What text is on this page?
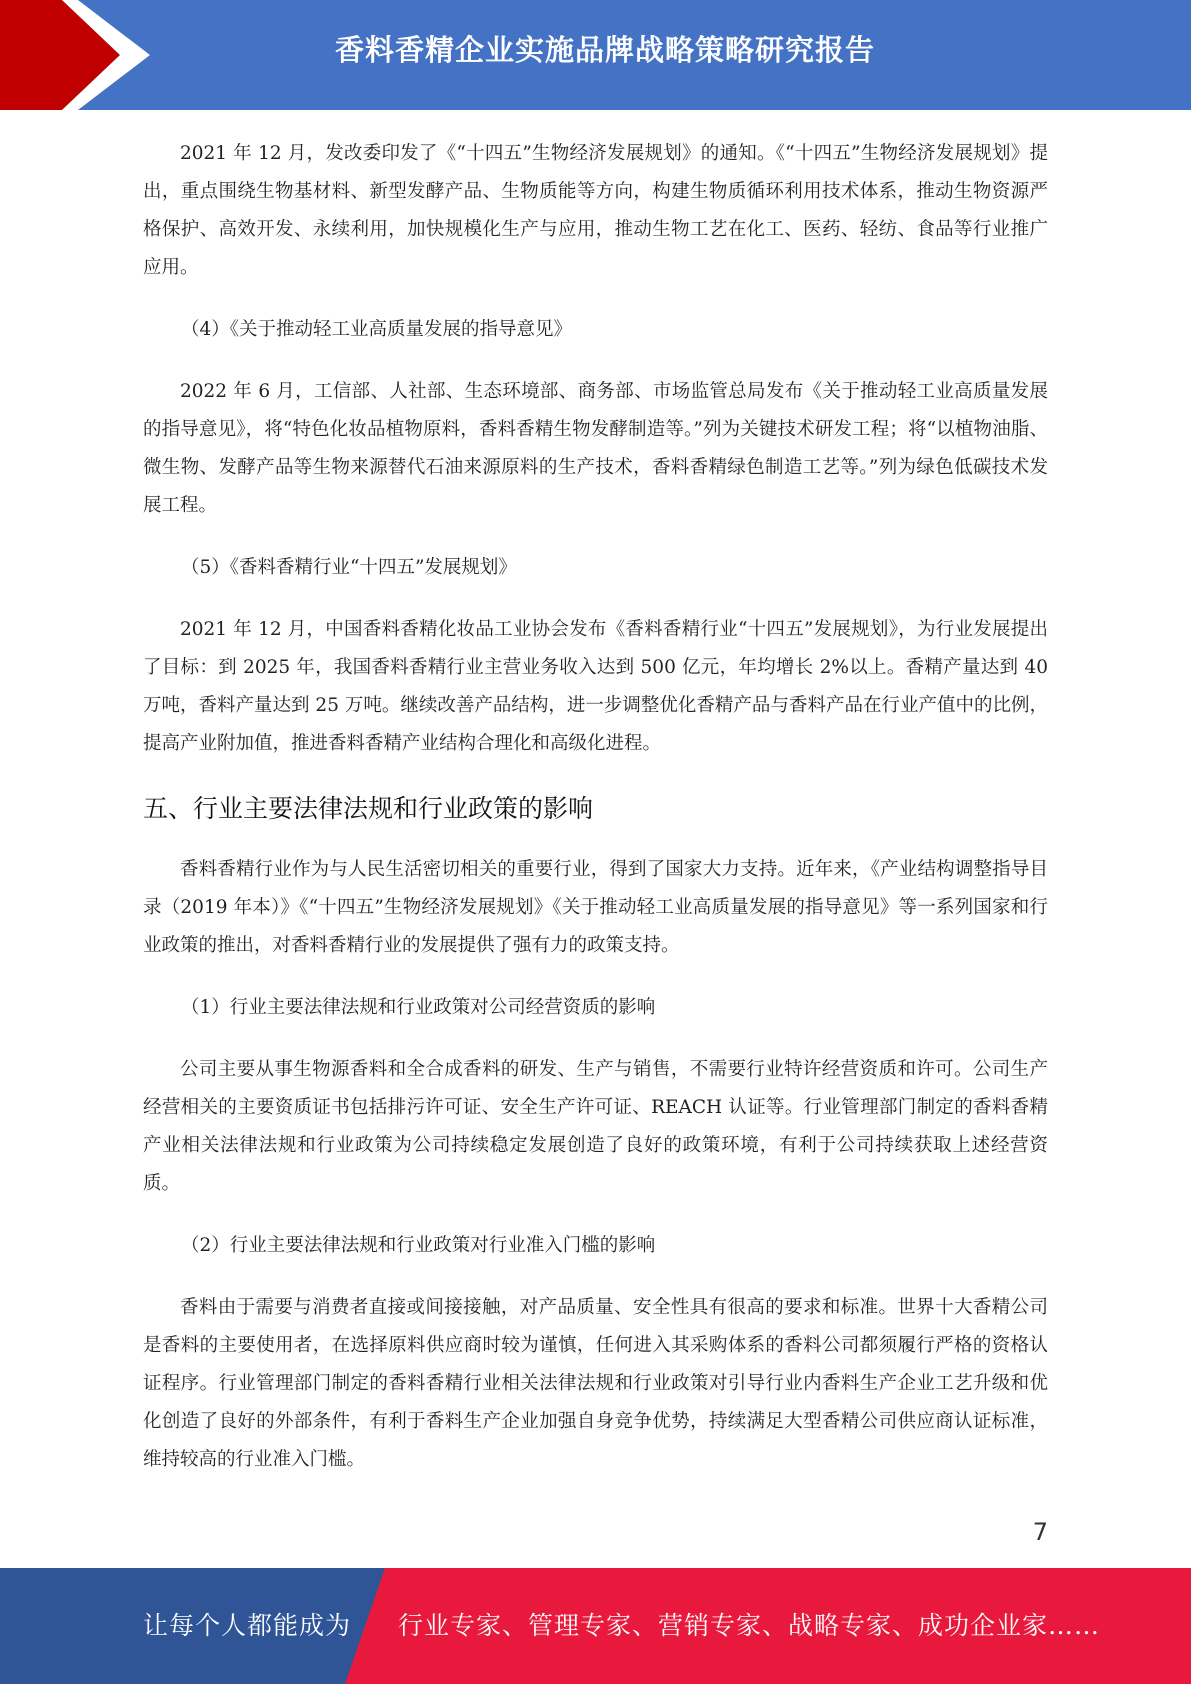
香料香精企业实施品牌战略策略研究报告

2021 年 12 月，发改委印发了《“十四五”生物经济发展规划》的通知。《“十四五”生物经济发展规划》提出，重点围绕生物基材料、新型发酵产品、生物质能等方向，构建生物质循环利用技术体系，推动生物资源严格保护、高效开发、永续利用，加快规模化生产与应用，推动生物工艺在化工、医药、轻纺、食品等行业推广应用。

（4）《关于推动轻工业高质量发展的指导意见》

2022 年 6 月，工信部、人社部、生态环境部、商务部、市场监管总局发布《关于推动轻工业高质量发展的指导意见》，将“特色化妆品植物原料，香料香精生物发酵制造等。”列为关键技术研发工程；将“以植物油脂、微生物、发酵产品等生物来源替代石油来源原料的生产技术，香料香精绿色制造工艺等。”列为绿色低碳技术发展工程。

（5）《香料香精行业“十四五”发展规划》

2021 年 12 月，中国香料香精化妆品工业协会发布《香料香精行业“十四五”发展规划》，为行业发展提出了目标：到 2025 年，我国香料香精行业主营业务收入达到 500 亿元，年均增长 2%以上。香精产量达到 40 万吨，香料产量达到 25 万吨。继续改善产品结构，进一步调整优化香精产品与香料产品在行业产值中的比例，提高产业附加值，推进香料香精产业结构合理化和高级化进程。

五、行业主要法律法规和行业政策的影响

香料香精行业作为与人民生活密切相关的重要行业，得到了国家大力支持。近年来，《产业结构调整指导目录（2019 年本）》《“十四五”生物经济发展规划》《关于推动轻工业高质量发展的指导意见》等一系列国家和行业政策的推出，对香料香精行业的发展提供了强有力的政策支持。

（1）行业主要法律法规和行业政策对公司经营资质的影响

公司主要从事生物源香料和全合成香料的研发、生产与销售，不需要行业特许经营资质和许可。公司生产经营相关的主要资质证书包括排污许可证、安全生产许可证、REACH 认证等。行业管理部门制定的香料香精产业相关法律法规和行业政策为公司持续稳定发展创造了良好的政策环境，有利于公司持续获取上述经营资质。

（2）行业主要法律法规和行业政策对行业准入门槛的影响

香料由于需要与消费者直接或间接接触，对产品质量、安全性具有很高的要求和标准。世界十大香精公司是香料的主要使用者，在选择原料供应商时较为谨慎，任何进入其采购体系的香料公司都须履行严格的资格认证程序。行业管理部门制定的香料香精行业相关法律法规和行业政策对引导行业内香料生产企业工艺升级和优化创造了良好的外部条件，有利于香料生产企业加强自身竞争优势，持续满足大型香精公司供应商认证标准，维持较高的行业准入门槛。

7
让每个人都能成为 行业专家、管理专家、营销专家、战略专家、成功企业家……
